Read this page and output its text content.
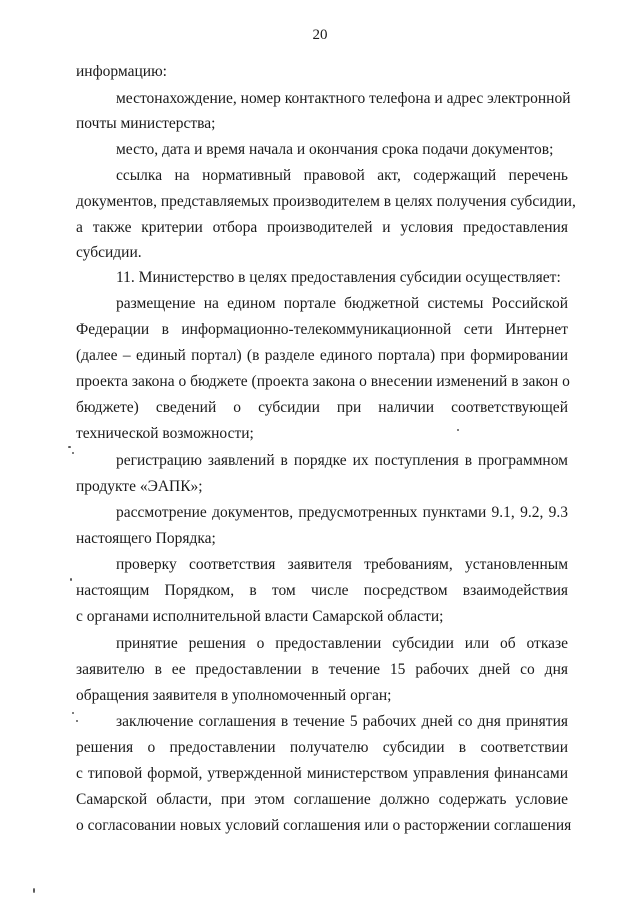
20
информацию:
местонахождение, номер контактного телефона и адрес электронной
почты министерства;
место, дата и время начала и окончания срока подачи документов;
ссылка на нормативный правовой акт, содержащий перечень
документов, представляемых производителем в целях получения субсидии,
а также критерии отбора производителей и условия предоставления
субсидии.
11. Министерство в целях предоставления субсидии осуществляет:
размещение на едином портале бюджетной системы Российской
Федерации в информационно-телекоммуникационной сети Интернет
(далее – единый портал) (в разделе единого портала) при формировании
проекта закона о бюджете (проекта закона о внесении изменений в закон о
бюджете) сведений о субсидии при наличии соответствующей
технической возможности;
регистрацию заявлений в порядке их поступления в программном
продукте «ЭАПК»;
рассмотрение документов, предусмотренных пунктами 9.1, 9.2, 9.3
настоящего Порядка;
проверку соответствия заявителя требованиям, установленным
настоящим Порядком, в том числе посредством взаимодействия
с органами исполнительной власти Самарской области;
принятие решения о предоставлении субсидии или об отказе
заявителю в ее предоставлении в течение 15 рабочих дней со дня
обращения заявителя в уполномоченный орган;
заключение соглашения в течение 5 рабочих дней со дня принятия
решения о предоставлении получателю субсидии в соответствии
с типовой формой, утвержденной министерством управления финансами
Самарской области, при этом соглашение должно содержать условие
о согласовании новых условий соглашения или о расторжении соглашения
